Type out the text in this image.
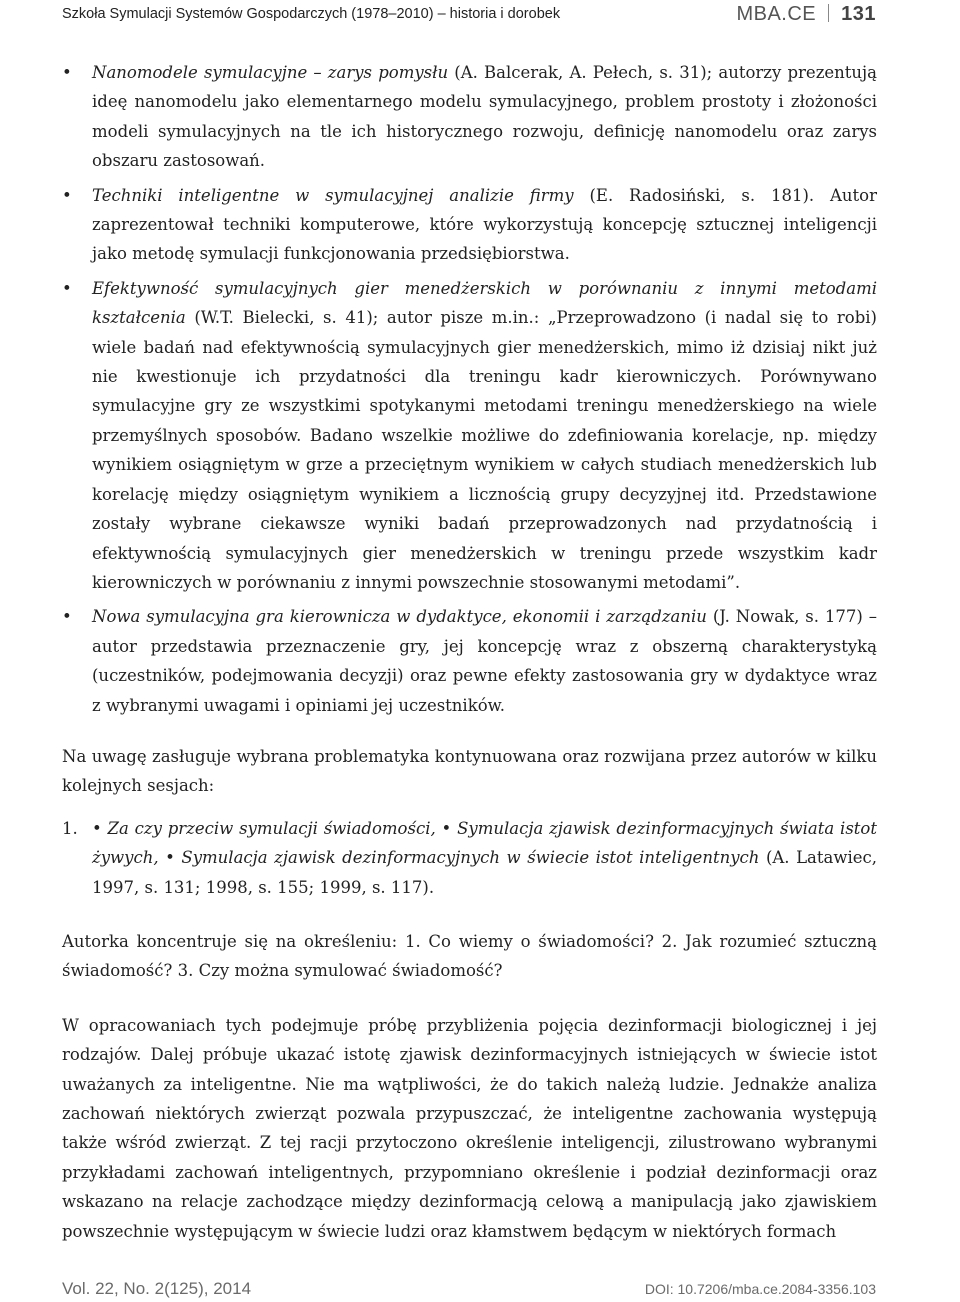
Szkoła Symulacji Systemów Gospodarczych (1978–2010) – historia i dorobek	MBA.CE 131
• Nanomodele symulacyjne – zarys pomysłu (A. Balcerak, A. Pełech, s. 31); autorzy prezentują ideę nanomodelu jako elementarnego modelu symulacyjnego, problem prostoty i złożoności modeli symulacyjnych na tle ich historycznego rozwoju, definicję nanomodelu oraz zarys obszaru zastosowań.
• Techniki inteligentne w symulacyjnej analizie firmy (E. Radosiński, s. 181). Autor zaprezentował techniki komputerowe, które wykorzystują koncepcję sztucznej inteligencji jako metodę symulacji funkcjonowania przedsiębiorstwa.
• Efektywność symulacyjnych gier menedżerskich w porównaniu z innymi metodami kształcenia (W.T. Bielecki, s. 41); autor pisze m.in.: „Przeprowadzono (i nadal się to robi) wiele badań nad efektywnością symulacyjnych gier menedżerskich, mimo iż dzisiaj nikt już nie kwestionuje ich przydatności dla treningu kadr kierowniczych. Porównywano symulacyjne gry ze wszystkimi spotykanymi metodami treningu menedżerskiego na wiele przemyślnych sposobów. Badano wszelkie możliwe do zdefiniowania korelacje, np. między wynikiem osiągniętym w grze a przeciętnym wynikiem w całych studiach menedżerskich lub korelację między osiągniętym wynikiem a licznością grupy decyzyjnej itd. Przedstawione zostały wybrane ciekawsze wyniki badań przeprowadzonych nad przydatnością i efektywnością symulacyjnych gier menedżerskich w treningu przede wszystkim kadr kierowniczych w porównaniu z innymi powszechnie stosowanymi metodami”.
• Nowa symulacyjna gra kierownicza w dydaktyce, ekonomii i zarządzaniu (J. Nowak, s. 177) – autor przedstawia przeznaczenie gry, jej koncepcję wraz z obszerną charakterystyką (uczestników, podejmowania decyzji) oraz pewne efekty zastosowania gry w dydaktyce wraz z wybranymi uwagami i opiniami jej uczestników.

Na uwagę zasługuje wybrana problematyka kontynuowana oraz rozwijana przez autorów w kilku kolejnych sesjach:

1. • Za czy przeciw symulacji świadomości, • Symulacja zjawisk dezinformacyjnych świata istot żywych, • Symulacja zjawisk dezinformacyjnych w świecie istot inteligentnych (A. Latawiec, 1997, s. 131; 1998, s. 155; 1999, s. 117).

Autorka koncentruje się na określeniu: 1. Co wiemy o świadomości? 2. Jak rozumieć sztuczną świadomość? 3. Czy można symulować świadomość?

W opracowaniach tych podejmuje próbę przybliżenia pojęcia dezinformacji biologicznej i jej rodzajów. Dalej próbuje ukazać istotę zjawisk dezinformacyjnych istniejących w świecie istot uważanych za inteligentne. Nie ma wątpliwości, że do takich należą ludzie. Jednakże analiza zachowań niektórych zwierząt pozwala przypuszczać, że inteligentne zachowania występują także wśród zwierząt. Z tej racji przytoczono określenie inteligencji, zilustrowano wybranymi przykładami zachowań inteligentnych, przypomniano określenie i podział dezinformacji oraz wskazano na relacje zachodzące między dezinformacją celową a manipulacją jako zjawiskiem powszechnie występującym w świecie ludzi oraz kłamstwem będącym w niektórych formach

Vol. 22, No. 2(125), 2014	DOI: 10.7206/mba.ce.2084-3356.103
